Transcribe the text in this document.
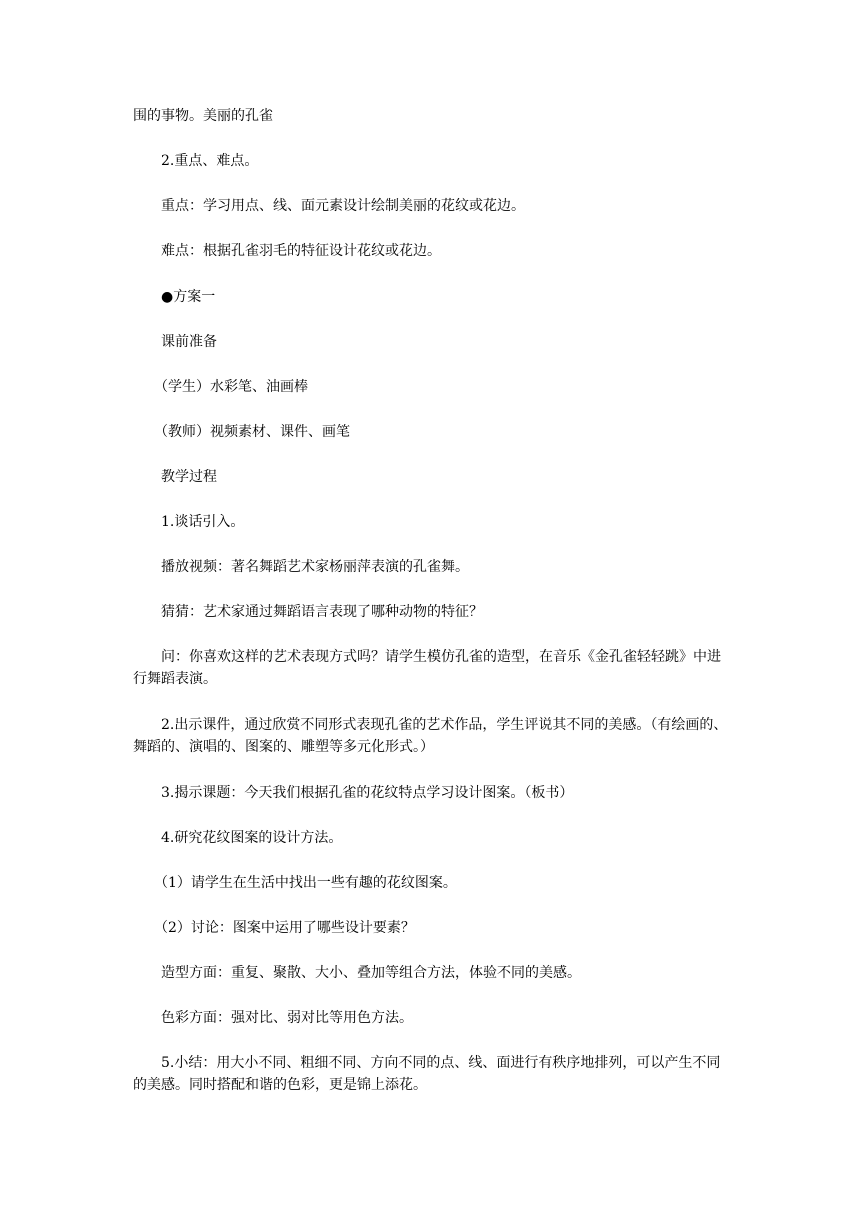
围的事物。美丽的孔雀

　　2.重点、难点。

　　重点：学习用点、线、面元素设计绘制美丽的花纹或花边。

　　难点：根据孔雀羽毛的特征设计花纹或花边。

　　●方案一

　　课前准备

　　（学生）水彩笔、油画棒

　　（教师）视频素材、课件、画笔

　　教学过程

　　1.谈话引入。

　　播放视频：著名舞蹈艺术家杨丽萍表演的孔雀舞。

　　猜猜：艺术家通过舞蹈语言表现了哪种动物的特征？

　　问：你喜欢这样的艺术表现方式吗？请学生模仿孔雀的造型，在音乐《金孔雀轻轻跳》中进行舞蹈表演。

　　2.出示课件，通过欣赏不同形式表现孔雀的艺术作品，学生评说其不同的美感。（有绘画的、舞蹈的、演唱的、图案的、雕塑等多元化形式。）

　　3.揭示课题：今天我们根据孔雀的花纹特点学习设计图案。（板书）

　　4.研究花纹图案的设计方法。

　　（1）请学生在生活中找出一些有趣的花纹图案。

　　（2）讨论：图案中运用了哪些设计要素？

　　造型方面：重复、聚散、大小、叠加等组合方法，体验不同的美感。

　　色彩方面：强对比、弱对比等用色方法。

　　5.小结：用大小不同、粗细不同、方向不同的点、线、面进行有秩序地排列，可以产生不同的美感。同时搭配和谐的色彩，更是锦上添花。
